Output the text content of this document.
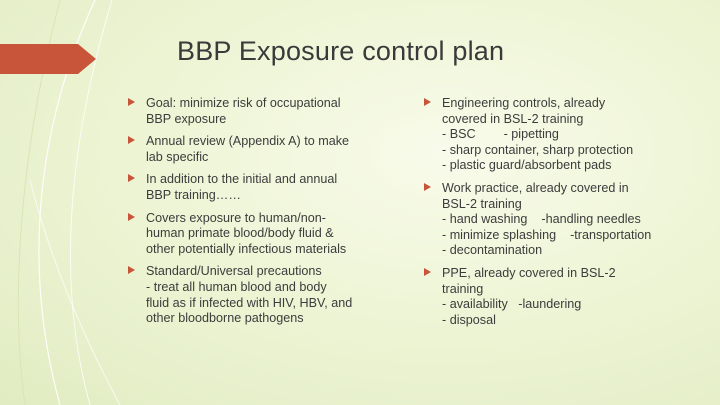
BBP Exposure control plan
Goal: minimize risk of occupational
BBP exposure
Annual review (Appendix A) to make
lab specific
In addition to the initial and annual
BBP training……
Covers exposure to human/non-
human primate blood/body fluid &
other potentially infectious materials
Standard/Universal precautions
- treat all human blood and body
fluid as if infected with HIV, HBV, and
other bloodborne pathogens
Engineering controls, already
covered in BSL-2 training
- BSC        - pipetting
- sharp container, sharp protection
- plastic guard/absorbent pads
Work practice, already covered in
BSL-2 training
- hand washing    -handling needles
- minimize splashing    -transportation
- decontamination
PPE, already covered in BSL-2
training
- availability   -laundering
- disposal
